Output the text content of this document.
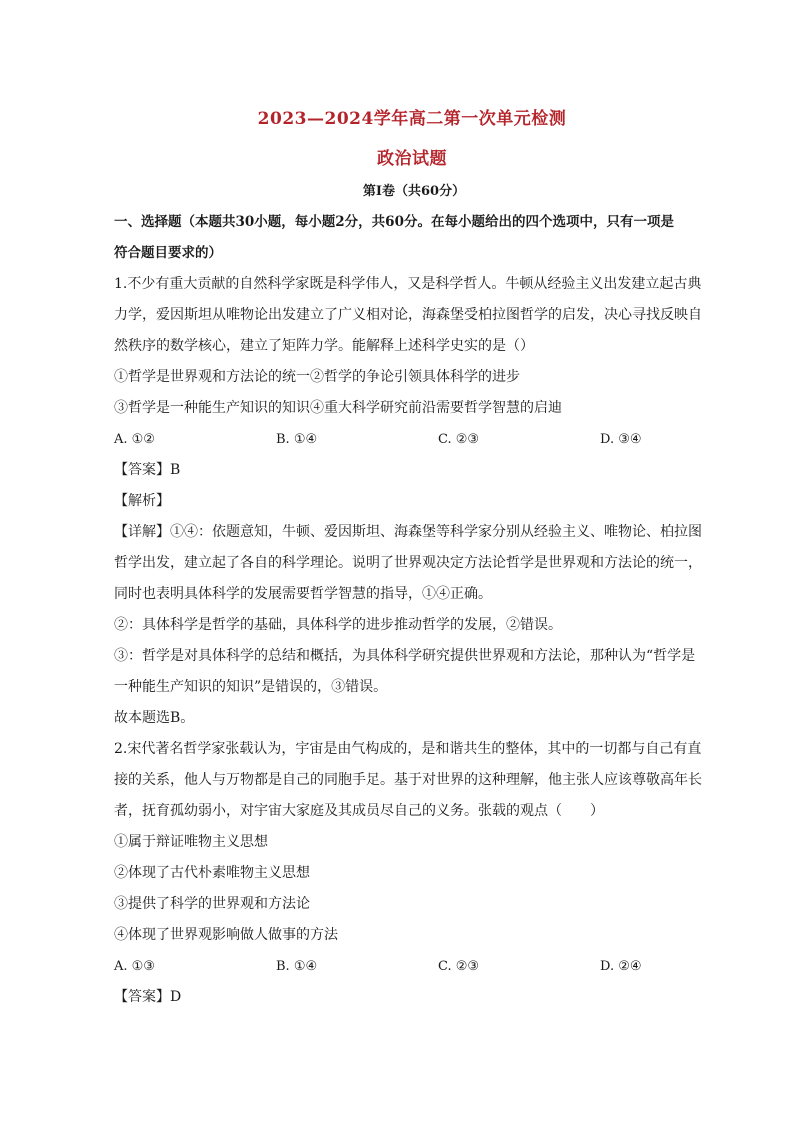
2023—2024学年高二第一次单元检测
政治试题
第I卷（共60分）
一、选择题（本题共30小题，每小题2分，共60分。在每小题给出的四个选项中，只有一项是
符合题目要求的）
1.不少有重大贡献的自然科学家既是科学伟人，又是科学哲人。牛顿从经验主义出发建立起古典
力学，爱因斯坦从唯物论出发建立了广义相对论，海森堡受柏拉图哲学的启发，决心寻找反映自
然秩序的数学核心，建立了矩阵力学。能解释上述科学史实的是（）
①哲学是世界观和方法论的统一②哲学的争论引领具体科学的进步
③哲学是一种能生产知识的知识④重大科学研究前沿需要哲学智慧的启迪
A. ①②	B. ①④	C. ②③	D. ③④
【答案】B
【解析】
【详解】①④：依题意知，牛顿、爱因斯坦、海森堡等科学家分别从经验主义、唯物论、柏拉图
哲学出发，建立起了各自的科学理论。说明了世界观决定方法论哲学是世界观和方法论的统一，
同时也表明具体科学的发展需要哲学智慧的指导，①④正确。
②：具体科学是哲学的基础，具体科学的进步推动哲学的发展，②错误。
③：哲学是对具体科学的总结和概括，为具体科学研究提供世界观和方法论，那种认为“哲学是
一种能生产知识的知识”是错误的，③错误。
故本题选B。
2.宋代著名哲学家张载认为，宇宙是由气构成的，是和谐共生的整体，其中的一切都与自己有直
接的关系，他人与万物都是自己的同胞手足。基于对世界的这种理解，他主张人应该尊敬高年长
者，抚育孤幼弱小，对宇宙大家庭及其成员尽自己的义务。张载的观点（　　）
①属于辩证唯物主义思想
②体现了古代朴素唯物主义思想
③提供了科学的世界观和方法论
④体现了世界观影响做人做事的方法
A. ①③	B. ①④	C. ②③	D. ②④
【答案】D
